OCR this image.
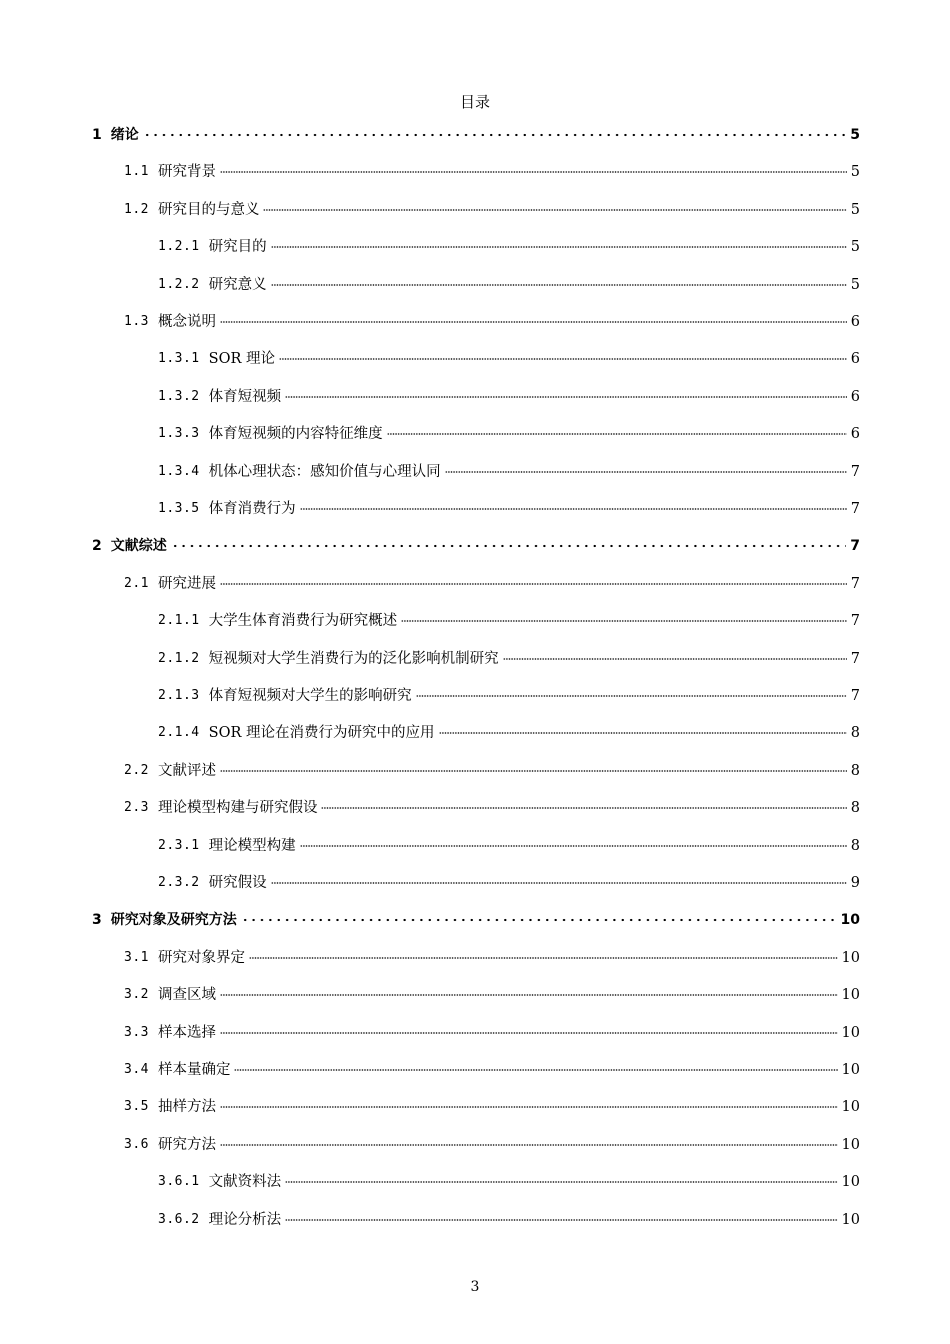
目录
1 绪论	5
1.1 研究背景	5
1.2 研究目的与意义	5
1.2.1 研究目的	5
1.2.2 研究意义	5
1.3 概念说明	6
1.3.1 SOR 理论	6
1.3.2 体育短视频	6
1.3.3 体育短视频的内容特征维度	6
1.3.4 机体心理状态：感知价值与心理认同	7
1.3.5 体育消费行为	7
2 文献综述	7
2.1 研究进展	7
2.1.1 大学生体育消费行为研究概述	7
2.1.2 短视频对大学生消费行为的泛化影响机制研究	7
2.1.3 体育短视频对大学生的影响研究	7
2.1.4 SOR 理论在消费行为研究中的应用	8
2.2 文献评述	8
2.3 理论模型构建与研究假设	8
2.3.1 理论模型构建	8
2.3.2 研究假设	9
3 研究对象及研究方法	10
3.1 研究对象界定	10
3.2 调查区域	10
3.3 样本选择	10
3.4 样本量确定	10
3.5 抽样方法	10
3.6 研究方法	10
3.6.1 文献资料法	10
3.6.2 理论分析法	10
3
